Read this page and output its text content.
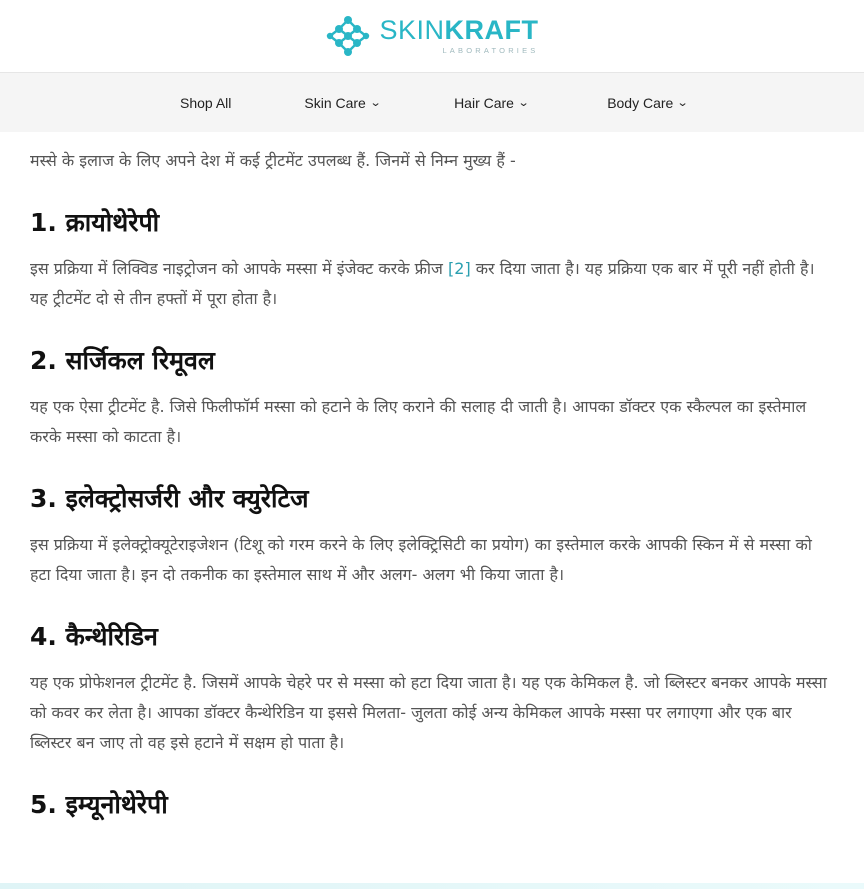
SKINKRAFT
LABORATORIES
Shop All	Skin Care ⌄	Hair Care ⌄	Body Care ⌄

मस्से के इलाज के लिए अपने देश में कई ट्रीटमेंट उपलब्ध हैं. जिनमें से निम्न मुख्य हैं -

1. क्रायोथेरेपी

इस प्रक्रिया में लिक्विड नाइट्रोजन को आपके मस्सा में इंजेक्ट करके फ्रीज [2] कर दिया जाता है। यह प्रक्रिया एक बार में पूरी नहीं होती है। यह ट्रीटमेंट दो से तीन हफ्तों में पूरा होता है।

2. सर्जिकल रिमूवल

यह एक ऐसा ट्रीटमेंट है. जिसे फिलीफॉर्म मस्सा को हटाने के लिए कराने की सलाह दी जाती है। आपका डॉक्टर एक स्कैल्पल का इस्तेमाल करके मस्सा को काटता है।

3. इलेक्ट्रोसर्जरी और क्युरेटिज

इस प्रक्रिया में इलेक्ट्रोक्यूटेराइजेशन (टिशू को गरम करने के लिए इलेक्ट्रिसिटी का प्रयोग) का इस्तेमाल करके आपकी स्किन में से मस्सा को हटा दिया जाता है। इन दो तकनीक का इस्तेमाल साथ में और अलग- अलग भी किया जाता है।

4. कैन्थेरिडिन

यह एक प्रोफेशनल ट्रीटमेंट है. जिसमें आपके चेहरे पर से मस्सा को हटा दिया जाता है। यह एक केमिकल है. जो ब्लिस्टर बनकर आपके मस्सा को कवर कर लेता है। आपका डॉक्टर कैन्थेरिडिन या इससे मिलता- जुलता कोई अन्य केमिकल आपके मस्सा पर लगाएगा और एक बार ब्लिस्टर बन जाए तो वह इसे हटाने में सक्षम हो पाता है।

5. इम्यूनोथेरेपी
